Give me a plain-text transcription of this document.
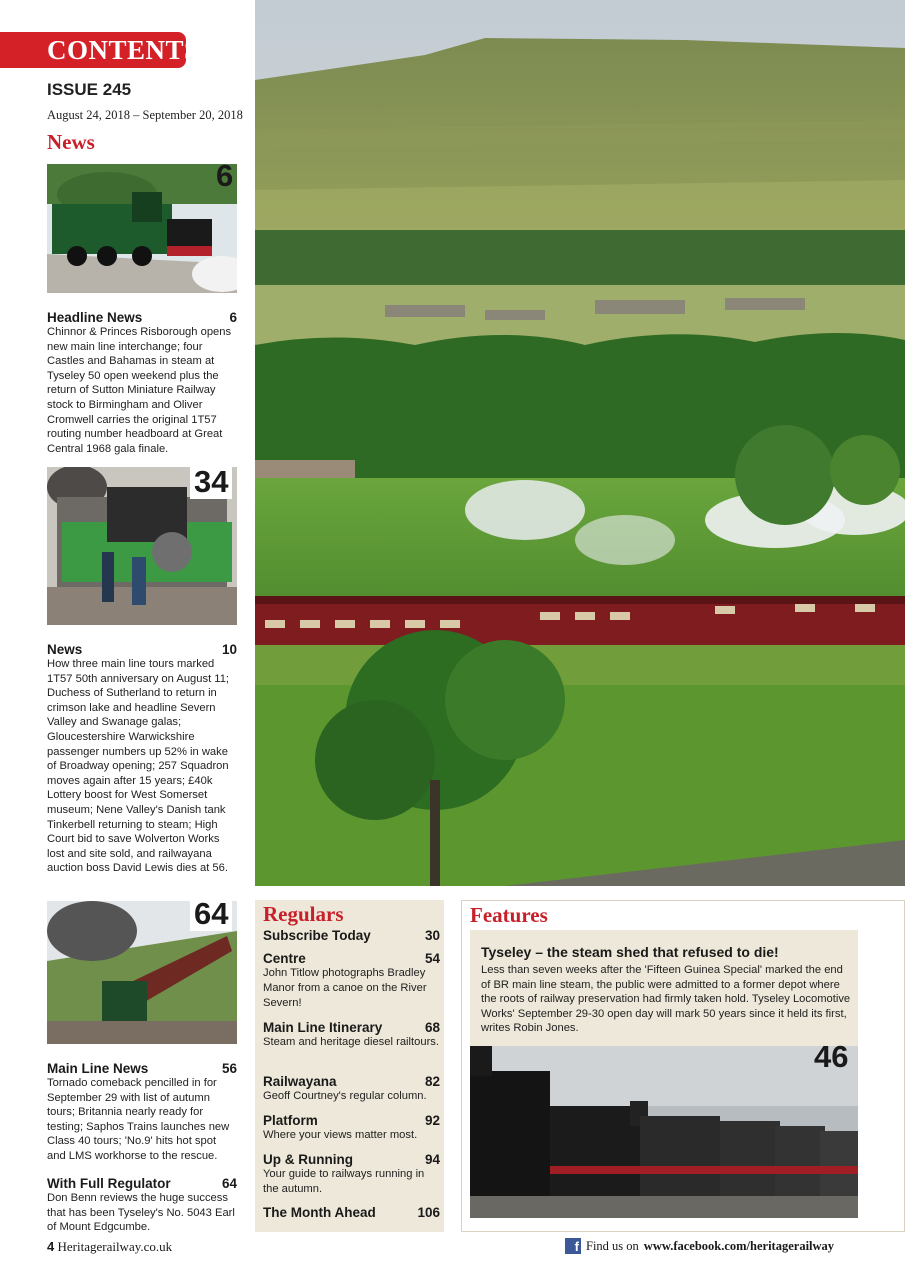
CONTENTS
ISSUE 245
August 24, 2018 – September 20, 2018
News
6
Headline News	6
Chinnor & Princes Risborough opens new main line interchange; four Castles and Bahamas in steam at Tyseley 50 open weekend plus the return of Sutton Miniature Railway stock to Birmingham and Oliver Cromwell carries the original 1T57 routing number headboard at Great Central 1968 gala finale.
34
News	10
How three main line tours marked 1T57 50th anniversary on August 11; Duchess of Sutherland to return in crimson lake and headline Severn Valley and Swanage galas; Gloucestershire Warwickshire passenger numbers up 52% in wake of Broadway opening; 257 Squadron moves again after 15 years; £40k Lottery boost for West Somerset museum; Nene Valley's Danish tank Tinkerbell returning to steam; High Court bid to save Wolverton Works lost and site sold, and railwayana auction boss David Lewis dies at 56.
64
Main Line News	56
Tornado comeback pencilled in for September 29 with list of autumn tours; Britannia nearly ready for testing; Saphos Trains launches new Class 40 tours; 'No.9' hits hot spot and LMS workhorse to the rescue.
With Full Regulator	64
Don Benn reviews the huge success that has been Tyseley's No. 5043 Earl of Mount Edgcumbe.
Regulars
Subscribe Today	30
Centre	54
John Titlow photographs Bradley Manor from a canoe on the River Severn!
Main Line Itinerary	68
Steam and heritage diesel railtours.
Railwayana	82
Geoff Courtney's regular column.
Platform	92
Where your views matter most.
Up & Running	94
Your guide to railways running in the autumn.
The Month Ahead	106
Features
Tyseley – the steam shed that refused to die!
Less than seven weeks after the 'Fifteen Guinea Special' marked the end of BR main line steam, the public were admitted to a former depot where the roots of railway preservation had firmly taken hold. Tyseley Locomotive Works' September 29-30 open day will mark 50 years since it held its first, writes Robin Jones.
46
4 Heritagerailway.co.uk	f Find us on www.facebook.com/heritagerailway
